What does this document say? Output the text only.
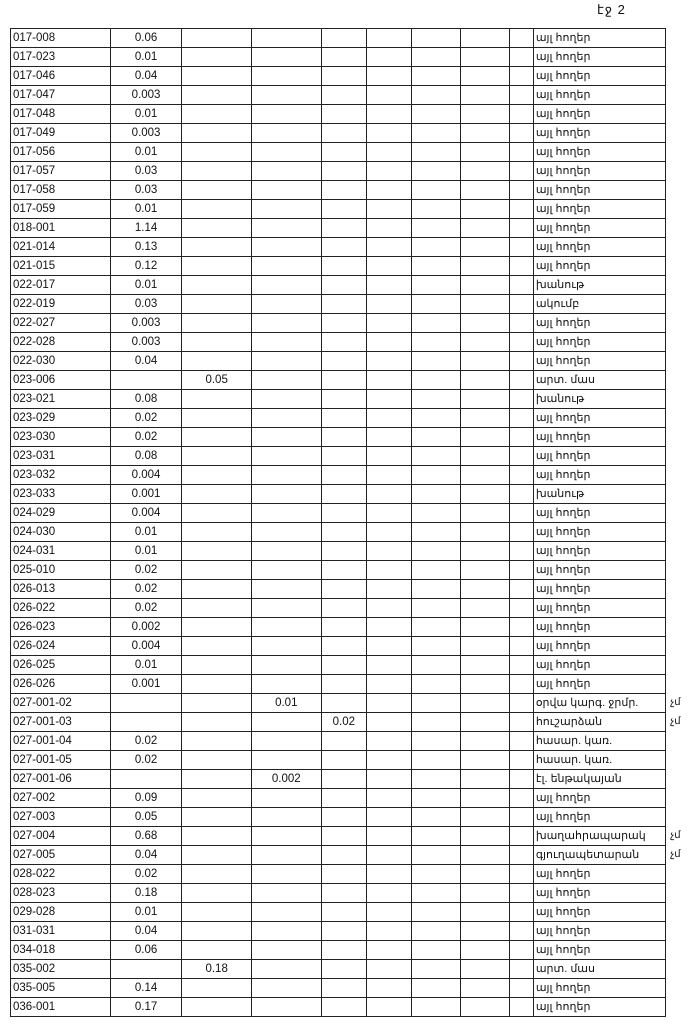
էջ 2
017-008	0.06								այլ հողեր	
017-023	0.01								այլ հողեր	
017-046	0.04								այլ հողեր	
017-047	0.003								այլ հողեր	
017-048	0.01								այլ հողեր	
017-049	0.003								այլ հողեր	
017-056	0.01								այլ հողեր	
017-057	0.03								այլ հողեր	
017-058	0.03								այլ հողեր	
017-059	0.01								այլ հողեր	
018-001	1.14								այլ հողեր	
021-014	0.13								այլ հողեր	
021-015	0.12								այլ հողեր	
022-017	0.01								խանութ	
022-019	0.03								ակումբ	
022-027	0.003								այլ հողեր	
022-028	0.003								այլ հողեր	
022-030	0.04								այլ հողեր	
023-006		0.05							արտ. մաս	
023-021	0.08								խանութ	
023-029	0.02								այլ հողեր	
023-030	0.02								այլ հողեր	
023-031	0.08								այլ հողեր	
023-032	0.004								այլ հողեր	
023-033	0.001								խանութ	
024-029	0.004								այլ հողեր	
024-030	0.01								այլ հողեր	
024-031	0.01								այլ հողեր	
025-010	0.02								այլ հողեր	
026-013	0.02								այլ հողեր	
026-022	0.02								այլ հողեր	
026-023	0.002								այլ հողեր	
026-024	0.004								այլ հողեր	
026-025	0.01								այլ հողեր	
026-026	0.001								այլ հողեր	
027-001-02			0.01						օրվա կարգ. ջրմր.	չմ
027-001-03				0.02					հուշարձան	չմ
027-001-04	0.02								հասար. կառ.	
027-001-05	0.02								հասար. կառ.	
027-001-06			0.002						էլ. ենթակայան	
027-002	0.09								այլ հողեր	
027-003	0.05								այլ հողեր	
027-004	0.68								խաղահրապարակ	չմ
027-005	0.04								գյուղապետարան	չմ
028-022	0.02								այլ հողեր	
028-023	0.18								այլ հողեր	
029-028	0.01								այլ հողեր	
031-031	0.04								այլ հողեր	
034-018	0.06								այլ հողեր	
035-002		0.18							արտ. մաս	
035-005	0.14								այլ հողեր	
036-001	0.17								այլ հողեր	
